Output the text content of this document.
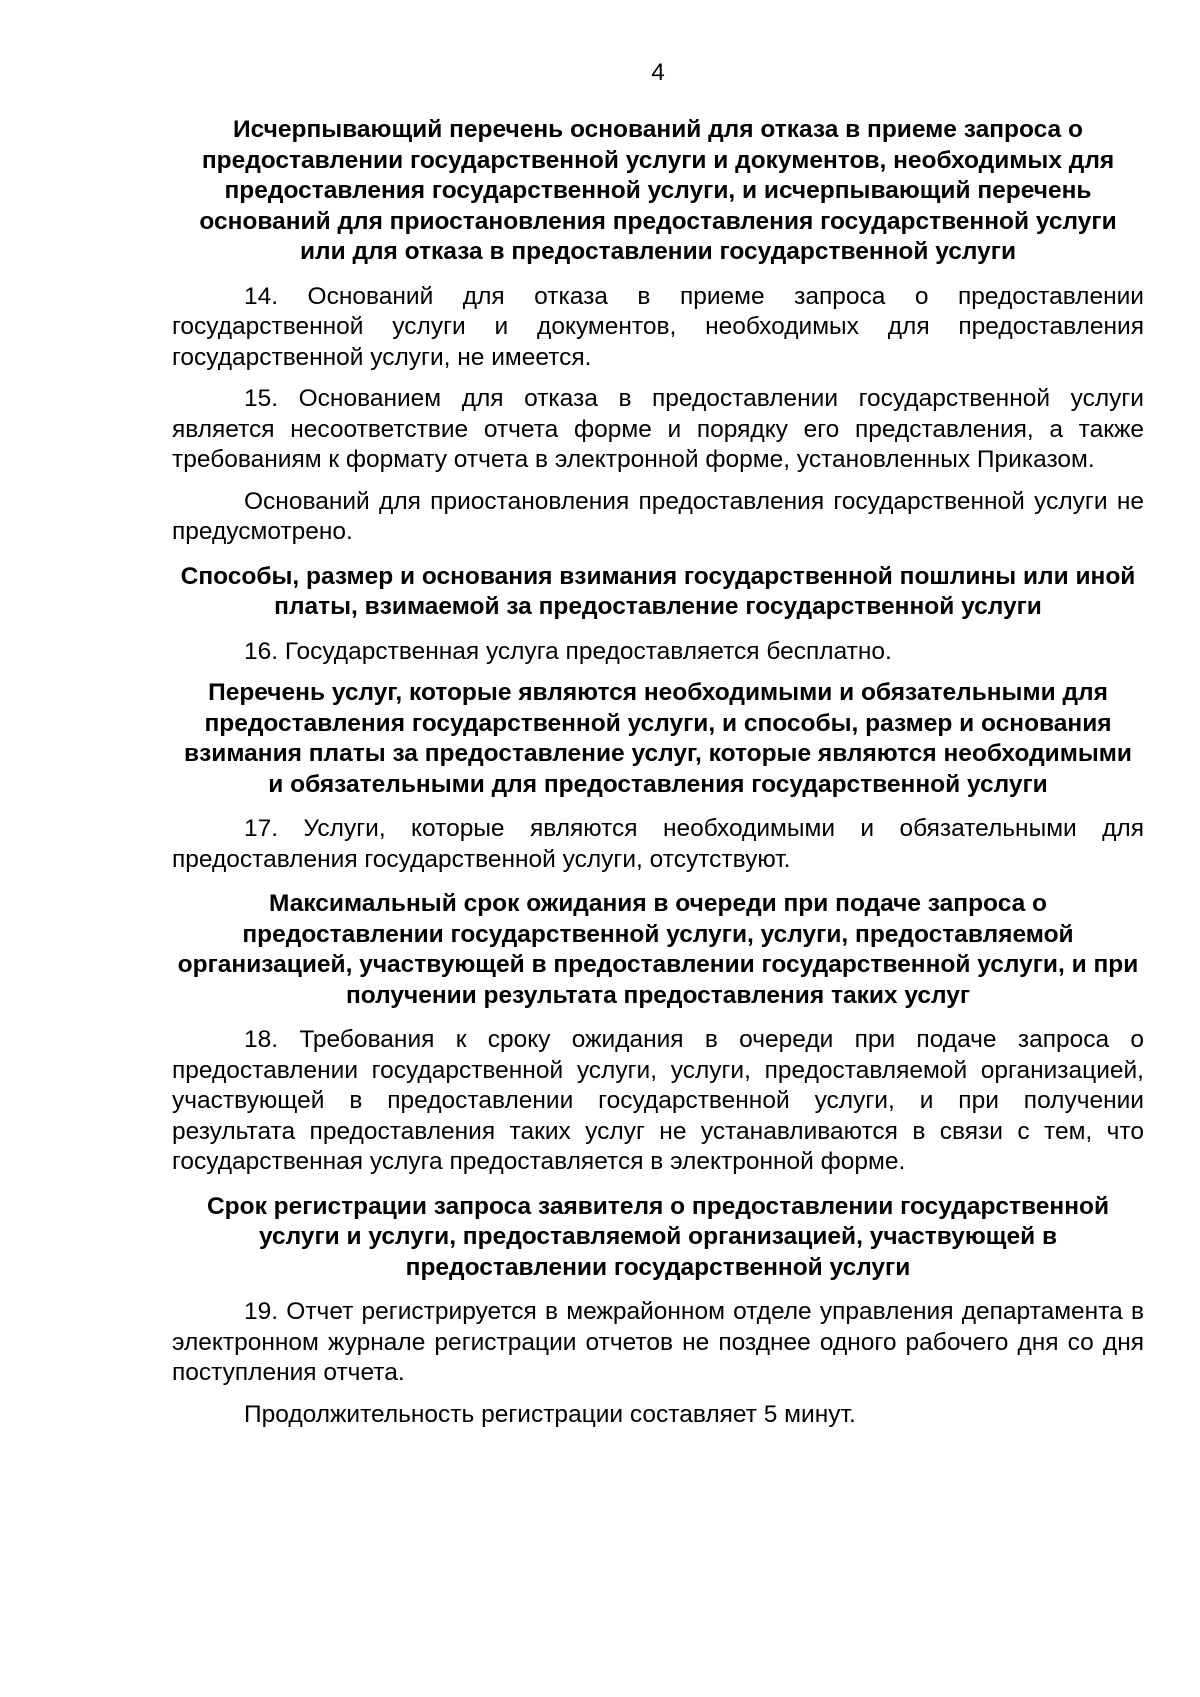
4

Исчерпывающий перечень оснований для отказа в приеме запроса о предоставлении государственной услуги и документов, необходимых для предоставления государственной услуги, и исчерпывающий перечень оснований для приостановления предоставления государственной услуги или для отказа в предоставлении государственной услуги

14. Оснований для отказа в приеме запроса о предоставлении государственной услуги и документов, необходимых для предоставления государственной услуги, не имеется.

15. Основанием для отказа в предоставлении государственной услуги является несоответствие отчета форме и порядку его представления, а также требованиям к формату отчета в электронной форме, установленных Приказом.

Оснований для приостановления предоставления государственной услуги не предусмотрено.

Способы, размер и основания взимания государственной пошлины или иной платы, взимаемой за предоставление государственной услуги

16. Государственная услуга предоставляется бесплатно.

Перечень услуг, которые являются необходимыми и обязательными для предоставления государственной услуги, и способы, размер и основания взимания платы за предоставление услуг, которые являются необходимыми и обязательными для предоставления государственной услуги

17. Услуги, которые являются необходимыми и обязательными для предоставления государственной услуги, отсутствуют.

Максимальный срок ожидания в очереди при подаче запроса о предоставлении государственной услуги, услуги, предоставляемой организацией, участвующей в предоставлении государственной услуги, и при получении результата предоставления таких услуг

18. Требования к сроку ожидания в очереди при подаче запроса о предоставлении государственной услуги, услуги, предоставляемой организацией, участвующей в предоставлении государственной услуги, и при получении результата предоставления таких услуг не устанавливаются в связи с тем, что государственная услуга предоставляется в электронной форме.

Срок регистрации запроса заявителя о предоставлении государственной услуги и услуги, предоставляемой организацией, участвующей в предоставлении государственной услуги

19. Отчет регистрируется в межрайонном отделе управления департамента в электронном журнале регистрации отчетов не позднее одного рабочего дня со дня поступления отчета.

Продолжительность регистрации составляет 5 минут.
